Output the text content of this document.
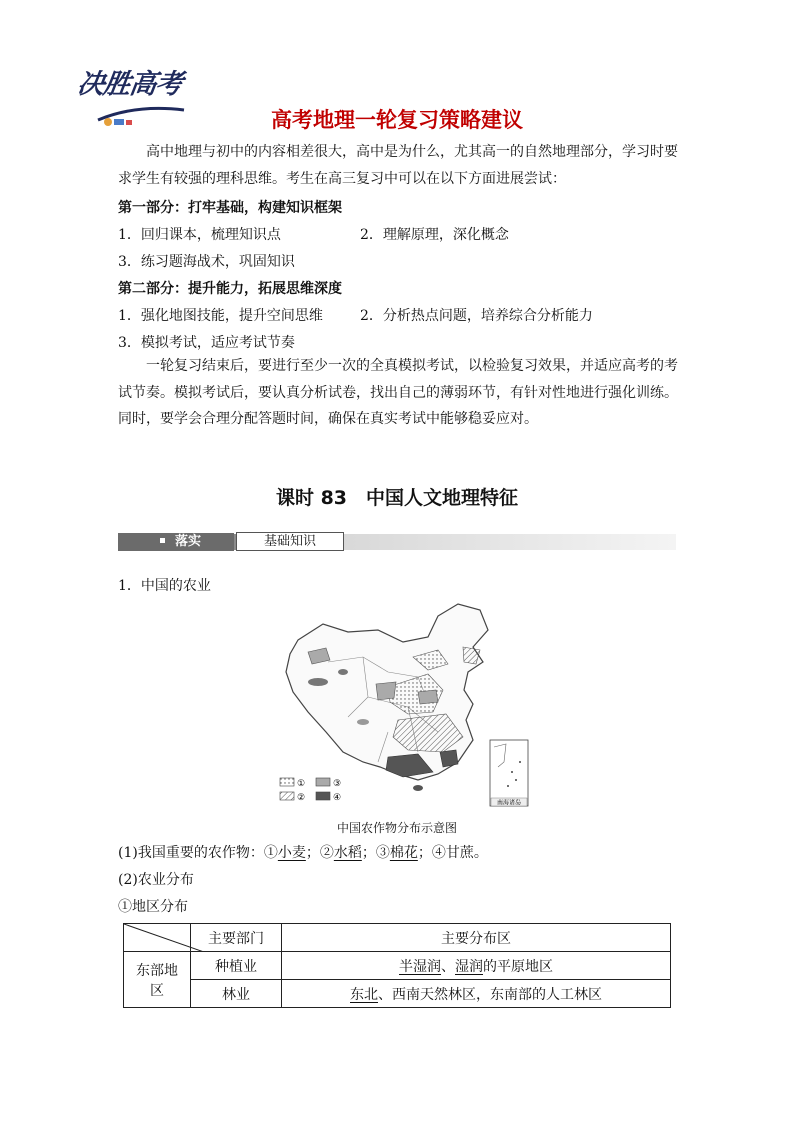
决胜高考
高考地理一轮复习策略建议
高中地理与初中的内容相差很大，高中是为什么，尤其高一的自然地理部分，学习时要求学生有较强的理科思维。考生在高三复习中可以在以下方面进展尝试：
第一部分：打牢基础，构建知识框架
1．回归课本，梳理知识点	2．理解原理，深化概念
3．练习题海战术，巩固知识
第二部分：提升能力，拓展思维深度
1．强化地图技能，提升空间思维	2．分析热点问题，培养综合分析能力
3．模拟考试，适应考试节奏
一轮复习结束后，要进行至少一次的全真模拟考试，以检验复习效果，并适应高考的考试节奏。模拟考试后，要认真分析试卷，找出自己的薄弱环节，有针对性地进行强化训练。同时，要学会合理分配答题时间，确保在真实考试中能够稳妥应对。
课时 83　中国人文地理特征
落实	基础知识
1．中国的农业
①	③
②	④	南海诸岛
中国农作物分布示意图
(1)我国重要的农作物：①小麦；②水稻；③棉花；④甘蔗。
(2)农业分布
①地区分布
	主要部门	主要分布区
东部地区	种植业	半湿润、湿润的平原地区
	林业	东北、西南天然林区，东南部的人工林区
